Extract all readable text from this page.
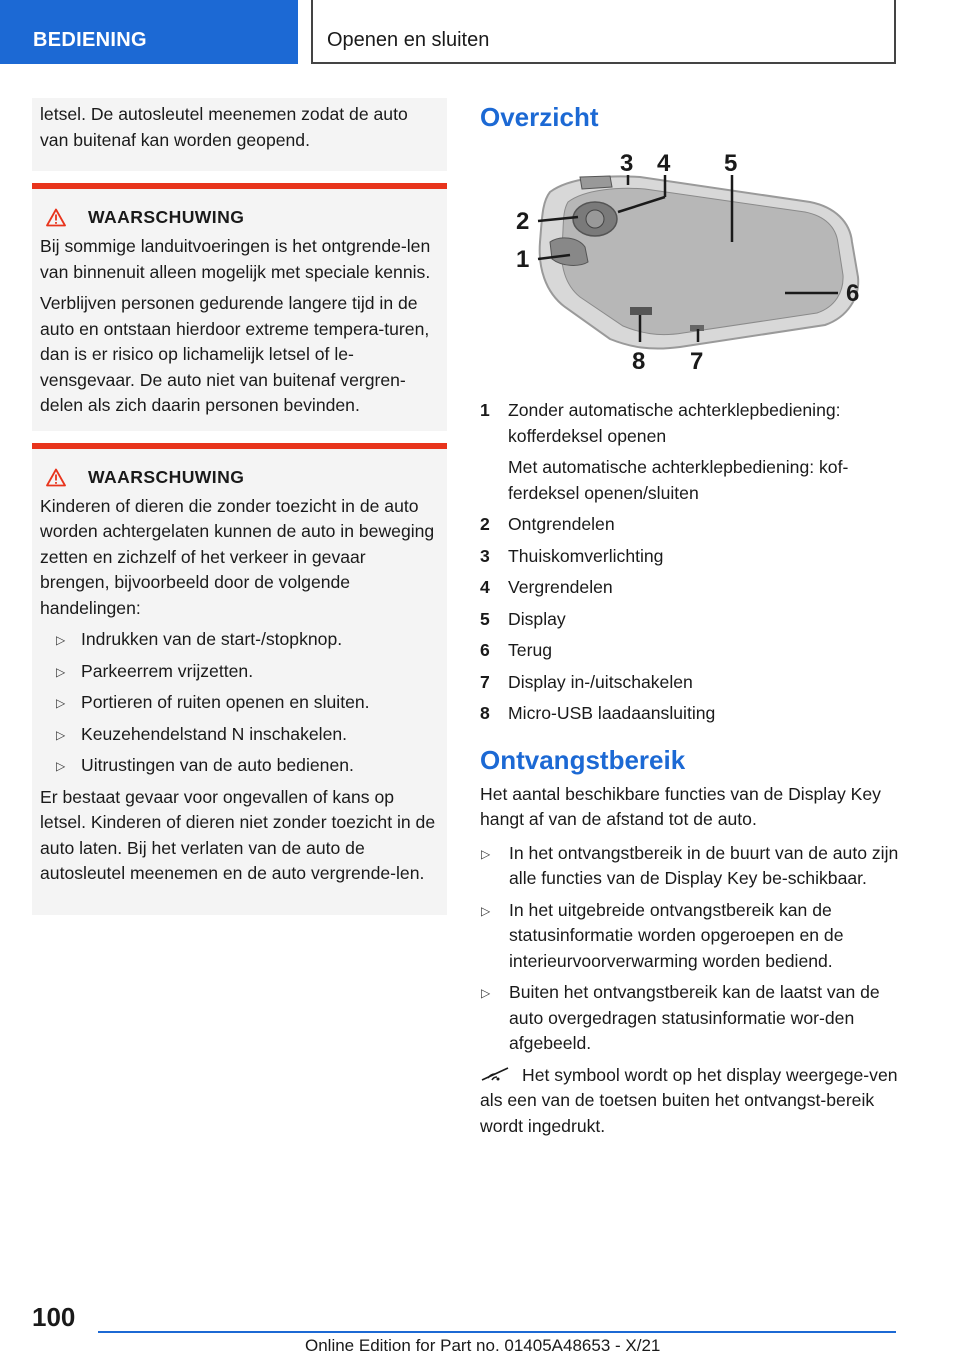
BEDIENING	Openen en sluiten

letsel. De autosleutel meenemen zodat de auto van buitenaf kan worden geopend.

WAARSCHUWING

Bij sommige landuitvoeringen is het ontgrende‐len van binnenuit alleen mogelijk met speciale kennis.

Verblijven personen gedurende langere tijd in de auto en ontstaan hierdoor extreme tempera‐turen, dan is er risico op lichamelijk letsel of le‐vensgevaar. De auto niet van buitenaf vergren‐delen als zich daarin personen bevinden.

WAARSCHUWING

Kinderen of dieren die zonder toezicht in de auto worden achtergelaten kunnen de auto in beweging zetten en zichzelf of het verkeer in gevaar brengen, bijvoorbeeld door de volgende handelingen:

▷ Indrukken van de start-/stopknop.
▷ Parkeerrem vrijzetten.
▷ Portieren of ruiten openen en sluiten.
▷ Keuzehendelstand N inschakelen.
▷ Uitrustingen van de auto bedienen.

Er bestaat gevaar voor ongevallen of kans op letsel. Kinderen of dieren niet zonder toezicht in de auto laten. Bij het verlaten van de auto de autosleutel meenemen en de auto vergrende‐len.

Overzicht
1
2
3 4 5
6
7
8
1	Zonder automatische achterklepbediening: kofferdeksel openen

Met automatische achterklepbediening: kof‐ferdeksel openen/sluiten

2	Ontgrendelen

3	Thuiskomverlichting

4	Vergrendelen

5	Display

6	Terug

7	Display in-/uitschakelen

8	Micro-USB laadaansluiting

Ontvangstbereik

Het aantal beschikbare functies van de Display Key hangt af van de afstand tot de auto.

▷ In het ontvangstbereik in de buurt van de auto zijn alle functies van de Display Key be‐schikbaar.
▷ In het uitgebreide ontvangstbereik kan de statusinformatie worden opgeroepen en de interieurvoorverwarming worden bediend.
▷ Buiten het ontvangstbereik kan de laatst van de auto overgedragen statusinformatie wor‐den afgebeeld.

Het symbool wordt op het display weergege‐ven als een van de toetsen buiten het ontvangst‐bereik wordt ingedrukt.

100
Online Edition for Part no. 01405A48653 - X/21
